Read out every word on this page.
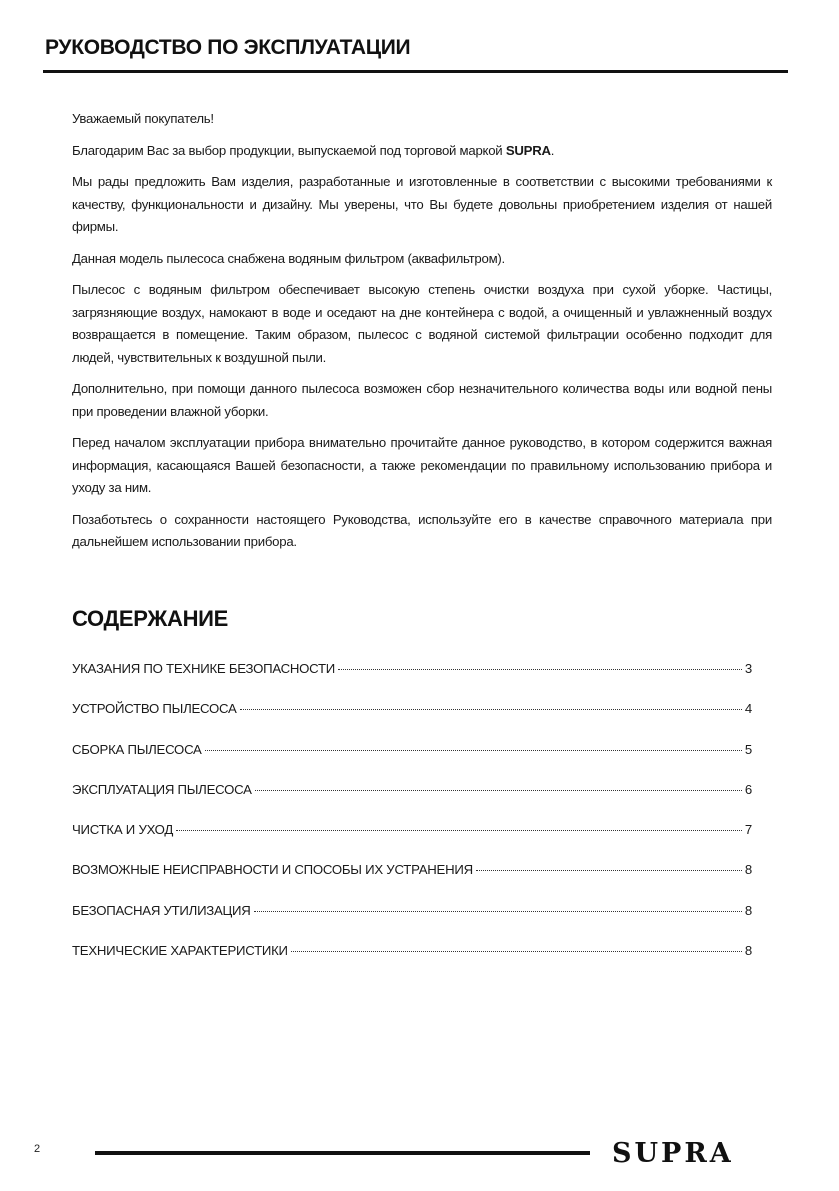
РУКОВОДСТВО ПО ЭКСПЛУАТАЦИИ

Уважаемый покупатель!

Благодарим Вас за выбор продукции, выпускаемой под торговой маркой SUPRA.

Мы рады предложить Вам изделия, разработанные и изготовленные в соответствии с высокими требованиями к качеству, функциональности и дизайну. Мы уверены, что Вы будете довольны приобретением изделия от нашей фирмы.

Данная модель пылесоса снабжена водяным фильтром (аквафильтром).

Пылесос с водяным фильтром обеспечивает высокую степень очистки воздуха при сухой уборке. Частицы, загрязняющие воздух, намокают в воде и оседают на дне контейнера с водой, а очищенный и увлажненный воздух возвращается в помещение. Таким образом, пылесос с водяной системой фильтрации особенно подходит для людей, чувствительных к воздушной пыли.

Дополнительно, при помощи данного пылесоса возможен сбор незначительного количества воды или водной пены при проведении влажной уборки.

Перед началом эксплуатации прибора внимательно прочитайте данное руководство, в котором содержится важная информация, касающаяся Вашей безопасности, а также рекомендации по правильному использованию прибора и уходу за ним.

Позаботьтесь о сохранности настоящего Руководства, используйте его в качестве справочного материала при дальнейшем использовании прибора.

СОДЕРЖАНИЕ
УКАЗАНИЯ ПО ТЕХНИКЕ БЕЗОПАСНОСТИ	3
УСТРОЙСТВО ПЫЛЕСОСА	4
СБОРКА ПЫЛЕСОСА	5
ЭКСПЛУАТАЦИЯ ПЫЛЕСОСА	6
ЧИСТКА И УХОД	7
ВОЗМОЖНЫЕ НЕИСПРАВНОСТИ И СПОСОБЫ ИХ УСТРАНЕНИЯ	8
БЕЗОПАСНАЯ УТИЛИЗАЦИЯ	8
ТЕХНИЧЕСКИЕ ХАРАКТЕРИСТИКИ	8
2	SUPRA
